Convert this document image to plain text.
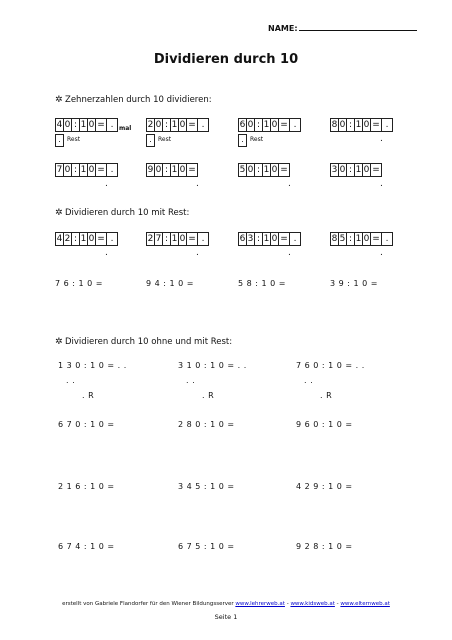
NAME:
Dividieren durch 10
✲ Zehnerzahlen durch 10 dividieren:
4 0 : 1 0 = . mal
.	Rest
2 0 : 1 0 = .
.	Rest
6 0 : 1 0 = .
.	Rest
8 0 : 1 0 = .
.
7 0 : 1 0 = .
.
9 0 : 1 0 =
.
5 0 : 1 0 =
.
3 0 : 1 0 =
.
✲ Dividieren durch 10 mit Rest:
4 2 : 1 0 = .
.
2 7 : 1 0 = .
.
6 3 : 1 0 = .
.
8 5 : 1 0 = .
.
7 6 : 1 0 =	9 4 : 1 0 =	5 8 : 1 0 =	3 9 : 1 0 =
✲ Dividieren durch 10 ohne und mit Rest:
1 3 0 : 1 0 = . .
. .
. R
3 1 0 : 1 0 = . .
. .
. R
7 6 0 : 1 0 = . .
. .
. R
6 7 0 : 1 0 =	2 8 0 : 1 0 =	9 6 0 : 1 0 =
2 1 6 : 1 0 =	3 4 5 : 1 0 =	4 2 9 : 1 0 =
6 7 4 : 1 0 =	6 7 5 : 1 0 =	9 2 8 : 1 0 =
erstellt von Gabriele Flandorfer für den Wiener Bildungsserver www.lehrerweb.at - www.kidsweb.at - www.elternweb.at
Seite 1
